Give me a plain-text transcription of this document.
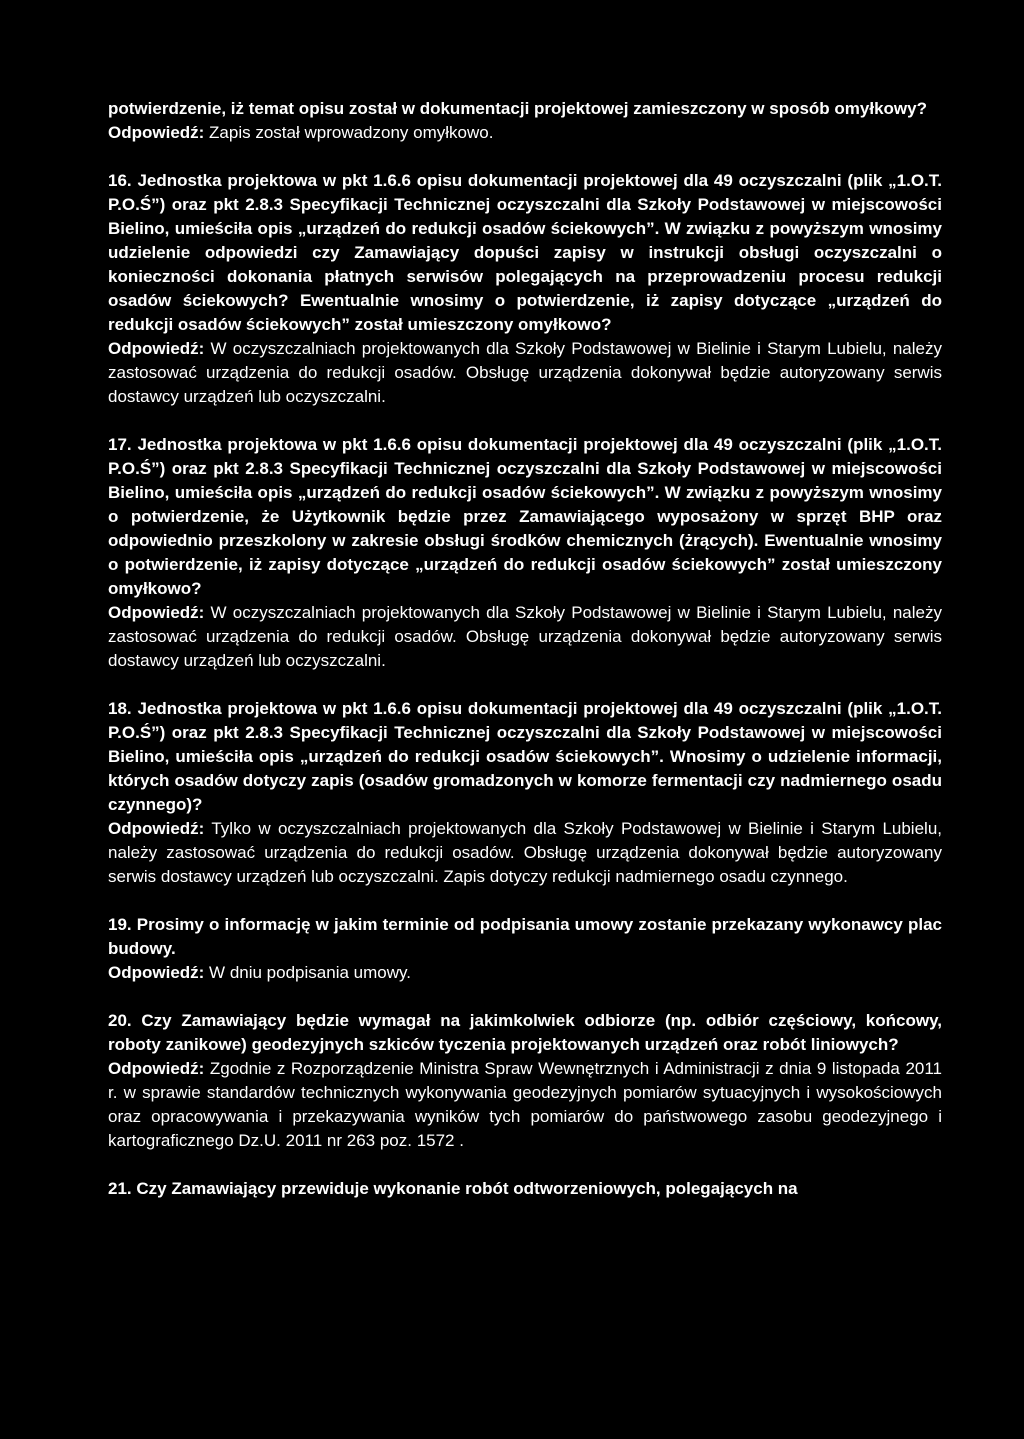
potwierdzenie, iż temat opisu został w dokumentacji projektowej zamieszczony w sposób omyłkowy?

Odpowiedź: Zapis został wprowadzony omyłkowo.

16. Jednostka projektowa w pkt 1.6.6 opisu dokumentacji projektowej dla 49 oczyszczalni (plik „1.O.T. P.O.Ś”) oraz pkt 2.8.3 Specyfikacji Technicznej oczyszczalni dla Szkoły Podstawowej w miejscowości Bielino, umieściła opis „urządzeń do redukcji osadów ściekowych”. W związku z powyższym wnosimy udzielenie odpowiedzi czy Zamawiający dopuści zapisy w instrukcji obsługi oczyszczalni o konieczności dokonania płatnych serwisów polegających na przeprowadzeniu procesu redukcji osadów ściekowych? Ewentualnie wnosimy o potwierdzenie, iż zapisy dotyczące „urządzeń do redukcji osadów ściekowych” został umieszczony omyłkowo?

Odpowiedź: W oczyszczalniach projektowanych dla Szkoły Podstawowej w Bielinie i Starym Lubielu, należy zastosować urządzenia do redukcji osadów. Obsługę urządzenia dokonywał będzie autoryzowany serwis dostawcy urządzeń lub oczyszczalni.

17. Jednostka projektowa w pkt 1.6.6 opisu dokumentacji projektowej dla 49 oczyszczalni (plik „1.O.T. P.O.Ś”) oraz pkt 2.8.3 Specyfikacji Technicznej oczyszczalni dla Szkoły Podstawowej w miejscowości Bielino, umieściła opis „urządzeń do redukcji osadów ściekowych”. W związku z powyższym wnosimy o potwierdzenie, że Użytkownik będzie przez Zamawiającego wyposażony w sprzęt BHP oraz odpowiednio przeszkolony w zakresie obsługi środków chemicznych (żrących). Ewentualnie wnosimy o potwierdzenie, iż zapisy dotyczące „urządzeń do redukcji osadów ściekowych” został umieszczony omyłkowo?

Odpowiedź: W oczyszczalniach projektowanych dla Szkoły Podstawowej w Bielinie i Starym Lubielu, należy zastosować urządzenia do redukcji osadów. Obsługę urządzenia dokonywał będzie autoryzowany serwis dostawcy urządzeń lub oczyszczalni.

18. Jednostka projektowa w pkt 1.6.6 opisu dokumentacji projektowej dla 49 oczyszczalni (plik „1.O.T. P.O.Ś”) oraz pkt 2.8.3 Specyfikacji Technicznej oczyszczalni dla Szkoły Podstawowej w miejscowości Bielino, umieściła opis „urządzeń do redukcji osadów ściekowych”. Wnosimy o udzielenie informacji, których osadów dotyczy zapis (osadów gromadzonych w komorze fermentacji czy nadmiernego osadu czynnego)?

Odpowiedź: Tylko w oczyszczalniach projektowanych dla Szkoły Podstawowej w Bielinie i Starym Lubielu, należy zastosować urządzenia do redukcji osadów. Obsługę urządzenia dokonywał będzie autoryzowany serwis dostawcy urządzeń lub oczyszczalni. Zapis dotyczy redukcji nadmiernego osadu czynnego.

19. Prosimy o informację w jakim terminie od podpisania umowy zostanie przekazany wykonawcy plac budowy.

Odpowiedź: W dniu podpisania umowy.

20. Czy Zamawiający będzie wymagał na jakimkolwiek odbiorze (np. odbiór częściowy, końcowy, roboty zanikowe) geodezyjnych szkiców tyczenia projektowanych urządzeń oraz robót liniowych?

Odpowiedź: Zgodnie z Rozporządzenie Ministra Spraw Wewnętrznych i Administracji z dnia 9 listopada 2011 r. w sprawie standardów technicznych wykonywania geodezyjnych pomiarów sytuacyjnych i wysokościowych oraz opracowywania i przekazywania wyników tych pomiarów do państwowego zasobu geodezyjnego i kartograficznego Dz.U. 2011 nr 263 poz. 1572 .

21. Czy Zamawiający przewiduje wykonanie robót odtworzeniowych, polegających na
